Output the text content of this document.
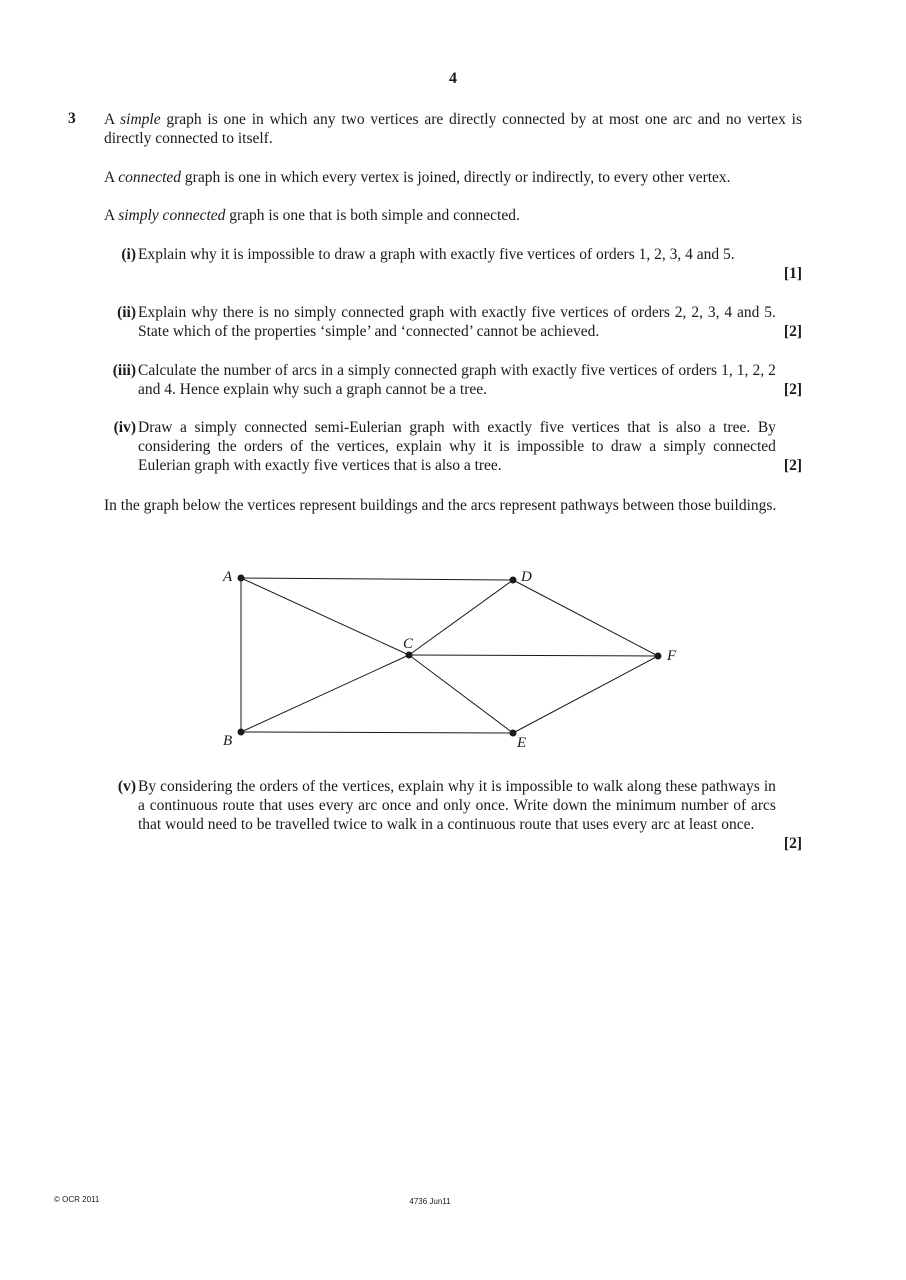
4
3 A simple graph is one in which any two vertices are directly connected by at most one arc and no vertex is directly connected to itself.
A connected graph is one in which every vertex is joined, directly or indirectly, to every other vertex.
A simply connected graph is one that is both simple and connected.
(i) Explain why it is impossible to draw a graph with exactly five vertices of orders 1, 2, 3, 4 and 5.
[1]
(ii)
[2]
Explain why there is no simply connected graph with exactly five vertices of orders 2, 2, 3, 4 and 5. State which of the properties ‘simple’ and ‘connected’ cannot be achieved.
(iii)
[2]
Calculate the number of arcs in a simply connected graph with exactly five vertices of orders 1, 1, 2, 2 and 4. Hence explain why such a graph cannot be a tree.
(iv)
[2]
Draw a simply connected semi-Eulerian graph with exactly five vertices that is also a tree. By considering the orders of the vertices, explain why it is impossible to draw a simply connected Eulerian graph with exactly five vertices that is also a tree.
In the graph below the vertices represent buildings and the arcs represent pathways between those buildings.
A
B
C
D
E
F
(v)
[2]
By considering the orders of the vertices, explain why it is impossible to walk along these pathways in a continuous route that uses every arc once and only once. Write down the minimum number of arcs that would need to be travelled twice to walk in a continuous route that uses every arc at least once.
© OCR 2011	4736 Jun11
